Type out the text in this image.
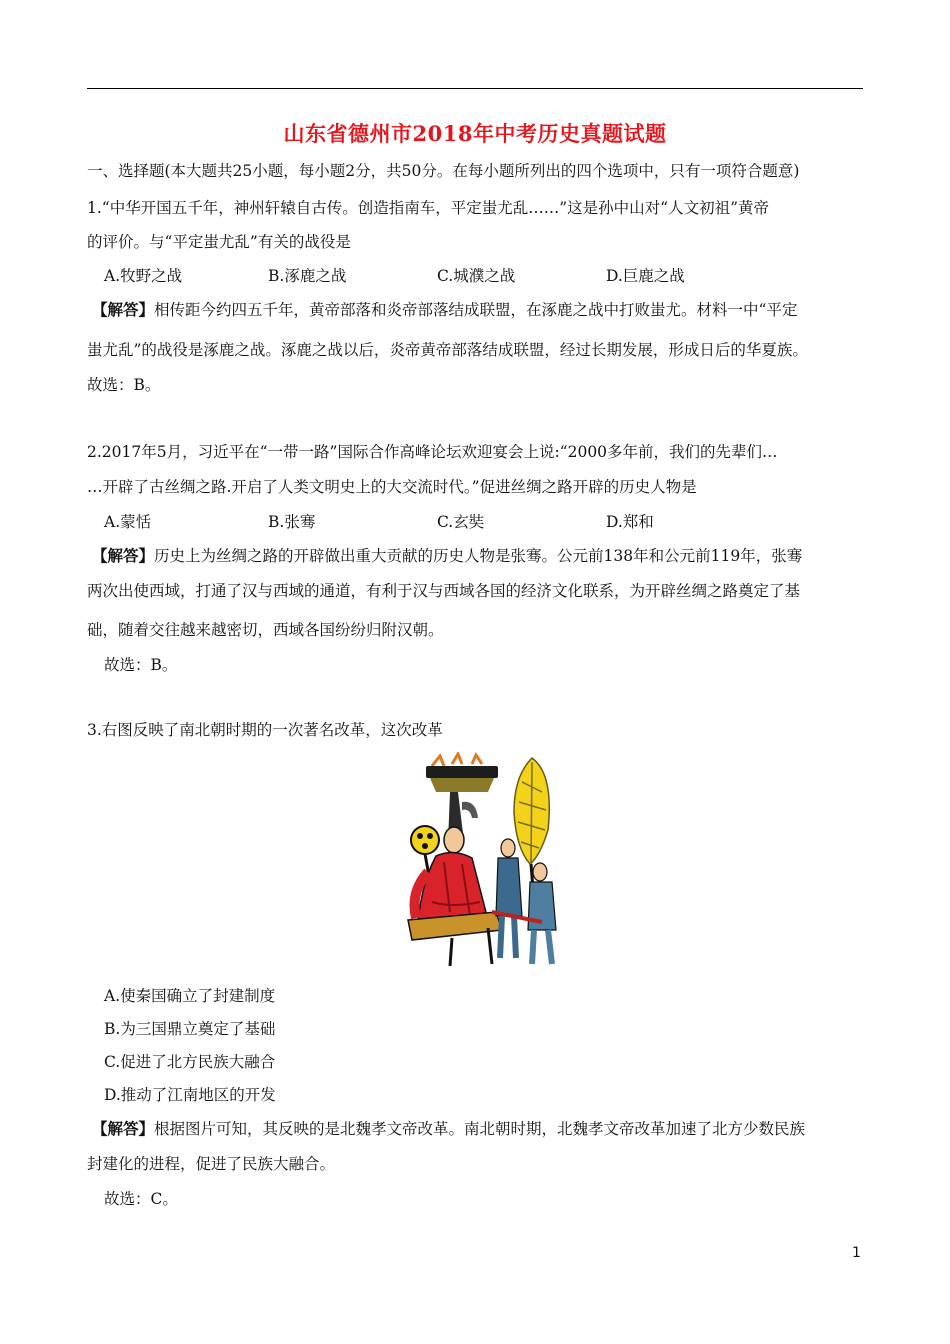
山东省德州市2018年中考历史真题试题
一、选择题(本大题共25小题，每小题2分，共50分。在每小题所列出的四个选项中，只有一项符合题意)
1.“中华开国五千年，神州轩辕自古传。创造指南车，平定蚩尤乱……”这是孙中山对“人文初祖”黄帝
的评价。与“平定蚩尤乱”有关的战役是
A.牧野之战	B.涿鹿之战	C.城濮之战	D.巨鹿之战
【解答】相传距今约四五千年，黄帝部落和炎帝部落结成联盟，在涿鹿之战中打败蚩尤。材料一中“平定
蚩尤乱”的战役是涿鹿之战。涿鹿之战以后，炎帝黄帝部落结成联盟，经过长期发展，形成日后的华夏族。
故选：B。
2.2017年5月，习近平在“一带一路”国际合作高峰论坛欢迎宴会上说:“2000多年前，我们的先辈们…
…开辟了古丝绸之路.开启了人类文明史上的大交流时代。”促进丝绸之路开辟的历史人物是
A.蒙恬	B.张骞	C.玄奘	D.郑和
【解答】历史上为丝绸之路的开辟做出重大贡献的历史人物是张骞。公元前138年和公元前119年，张骞
两次出使西域，打通了汉与西域的通道，有利于汉与西域各国的经济文化联系，为开辟丝绸之路奠定了基
础，随着交往越来越密切，西域各国纷纷归附汉朝。
故选：B。
3.右图反映了南北朝时期的一次著名改革，这次改革
A.使秦国确立了封建制度
B.为三国鼎立奠定了基础
C.促进了北方民族大融合
D.推动了江南地区的开发
【解答】根据图片可知，其反映的是北魏孝文帝改革。南北朝时期，北魏孝文帝改革加速了北方少数民族
封建化的进程，促进了民族大融合。
故选：C。
1
